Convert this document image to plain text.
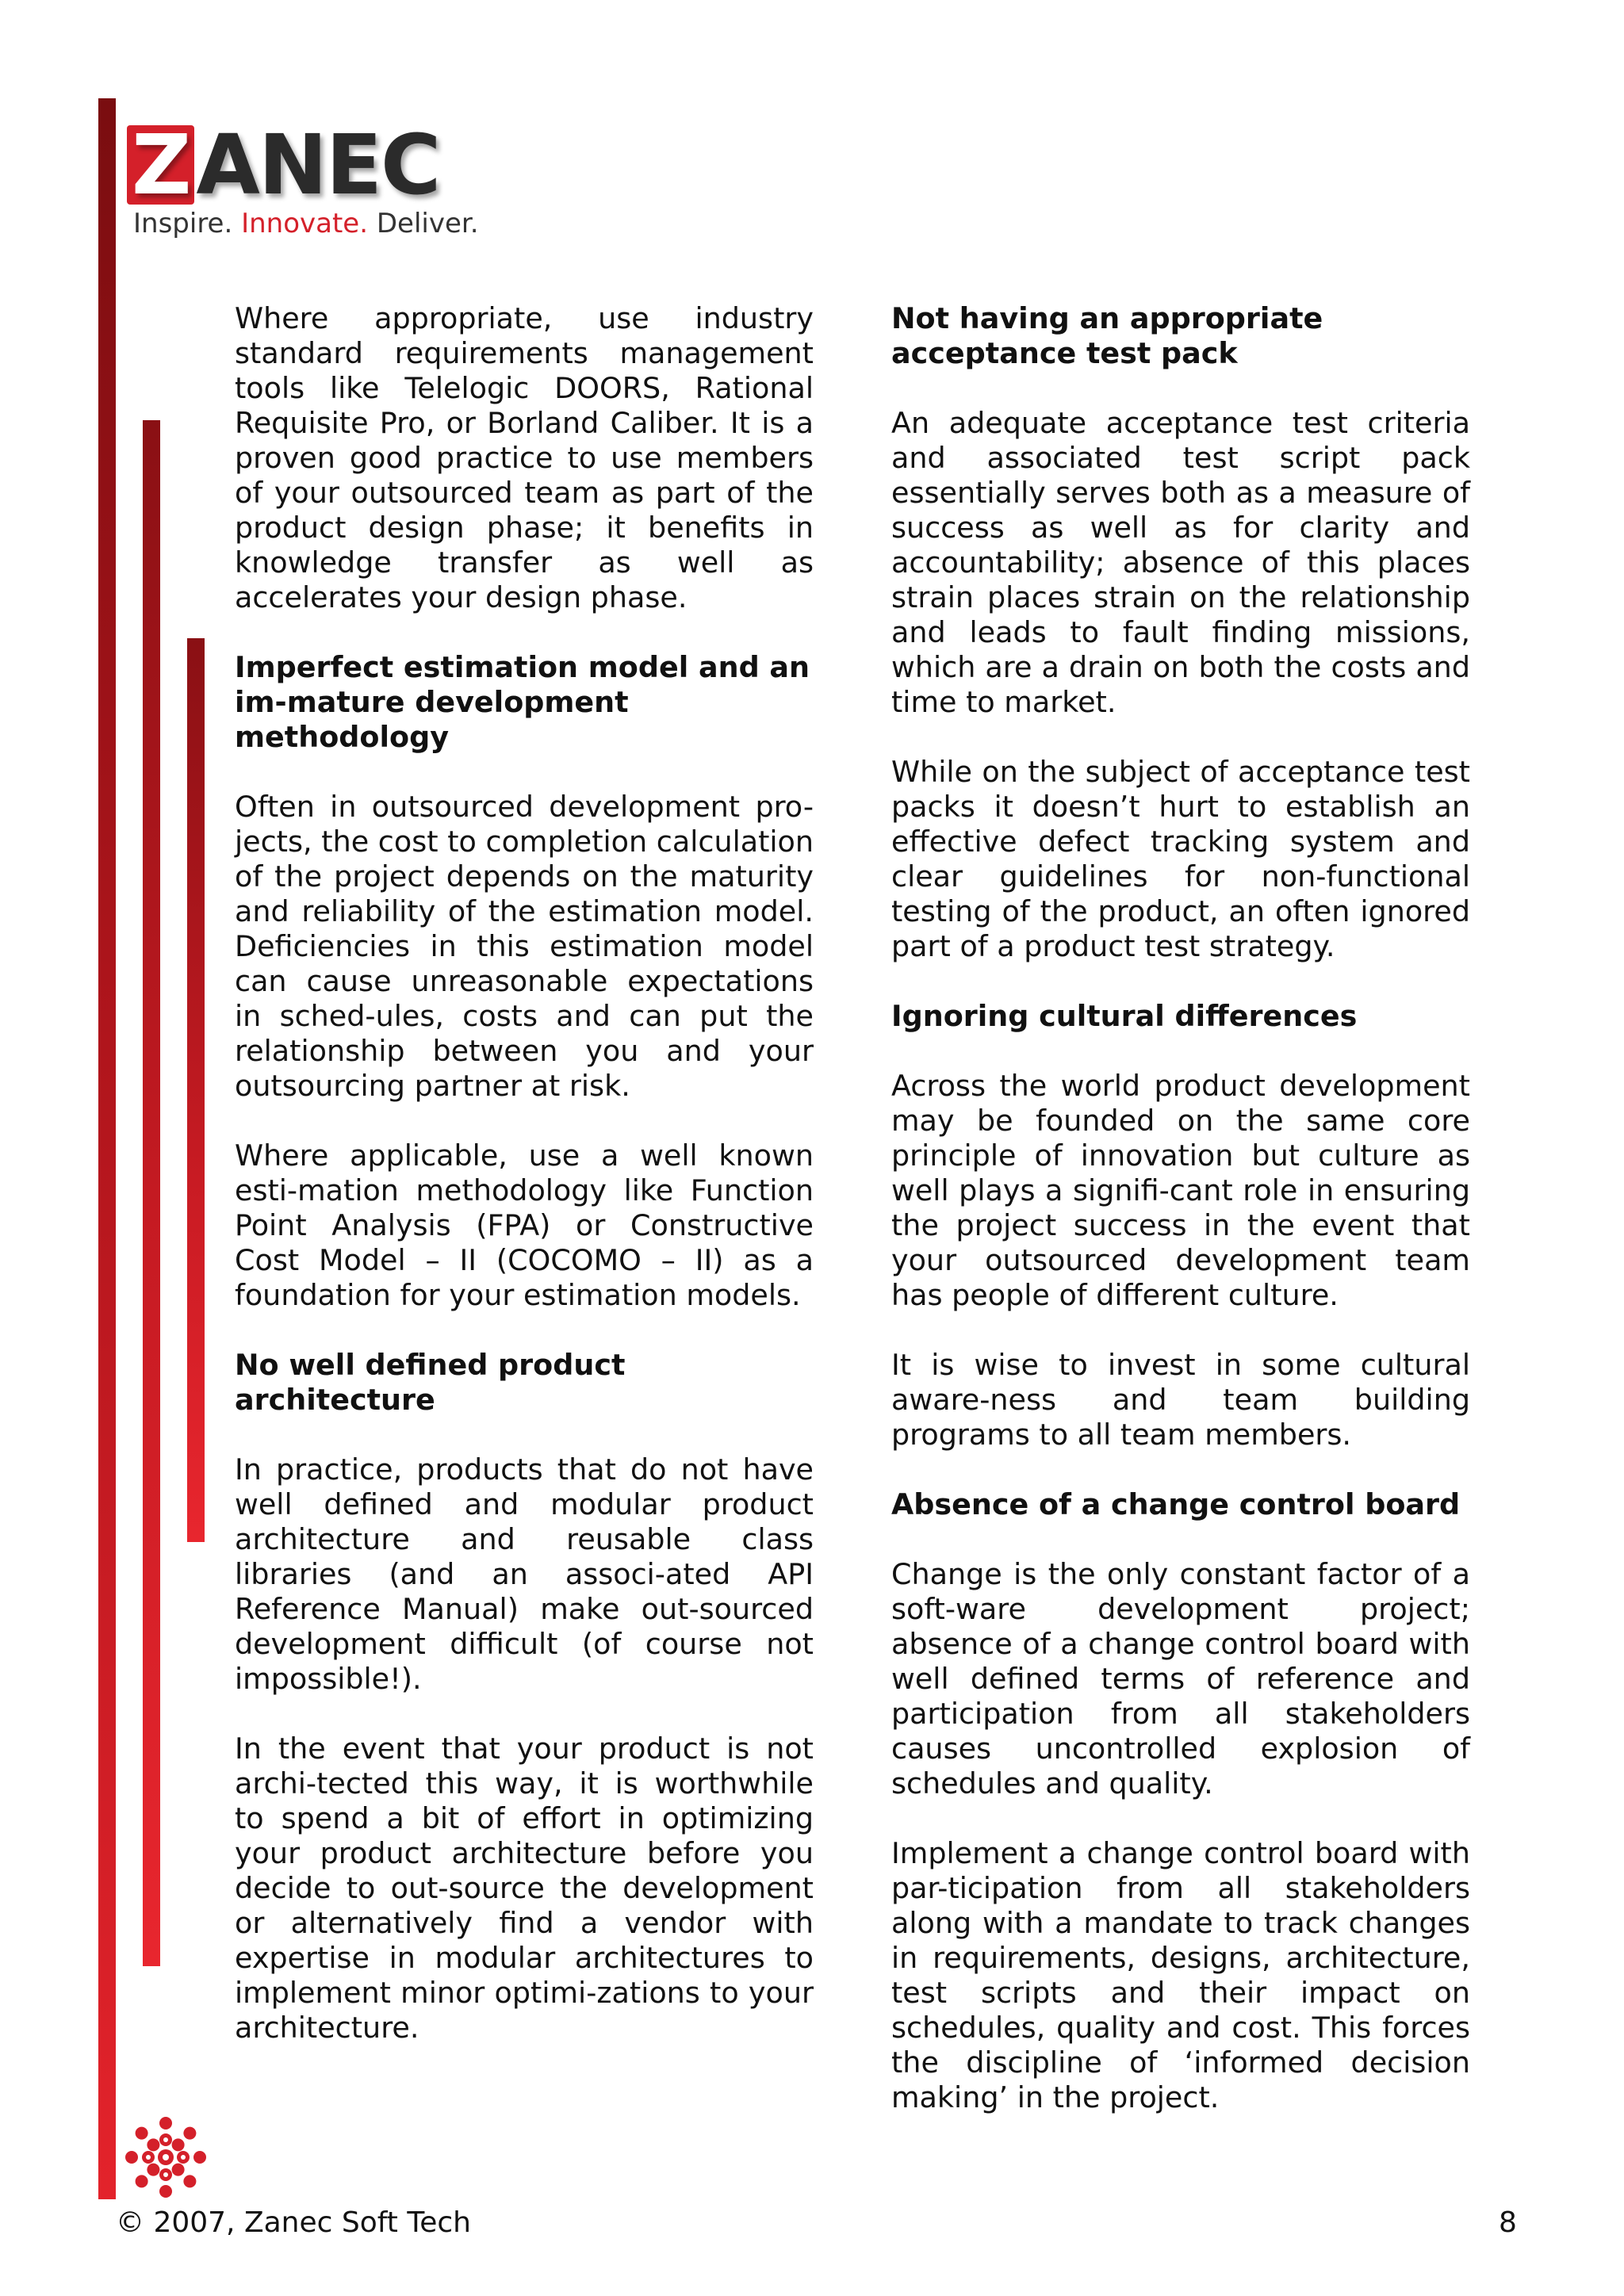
ZANEC
Inspire. Innovate. Deliver.

Where appropriate, use industry standard requirements management tools like Telelogic DOORS, Rational Requisite Pro, or Borland Caliber. It is a proven good practice to use members of your outsourced team as part of the product design phase; it benefits in knowledge transfer as well as accelerates your design phase.

Imperfect estimation model and an im-mature development methodology

Often in outsourced development pro-jects, the cost to completion calculation of the project depends on the maturity and reliability of the estimation model. Deficiencies in this estimation model can cause unreasonable expectations in sched-ules, costs and can put the relationship between you and your outsourcing partner at risk.

Where applicable, use a well known esti-mation methodology like Function Point Analysis (FPA) or Constructive Cost Model – II (COCOMO – II) as a foundation for your estimation models.

No well defined product architecture

In practice, products that do not have well defined and modular product architecture and reusable class libraries (and an associ-ated API Reference Manual) make out-sourced development difficult (of course not impossible!).

In the event that your product is not archi-tected this way, it is worthwhile to spend a bit of effort in optimizing your product architecture before you decide to out-source the development or alternatively find a vendor with expertise in modular architectures to implement minor optimi-zations to your architecture.

Not having an appropriate acceptance test pack

An adequate acceptance test criteria and associated test script pack essentially serves both as a measure of success as well as for clarity and accountability; absence of this places strain places strain on the relationship and leads to fault finding missions, which are a drain on both the costs and time to market.

While on the subject of acceptance test packs it doesn’t hurt to establish an effective defect tracking system and clear guidelines for non-functional testing of the product, an often ignored part of a product test strategy.

Ignoring cultural differences

Across the world product development may be founded on the same core principle of innovation but culture as well plays a signifi-cant role in ensuring the project success in the event that your outsourced development team has people of different culture.

It is wise to invest in some cultural aware-ness and team building programs to all team members.

Absence of a change control board

Change is the only constant factor of a soft-ware development project; absence of a change control board with well defined terms of reference and participation from all stakeholders causes uncontrolled explosion of schedules and quality.

Implement a change control board with par-ticipation from all stakeholders along with a mandate to track changes in requirements, designs, architecture, test scripts and their impact on schedules, quality and cost. This forces the discipline of ‘informed decision making’ in the project.

© 2007, Zanec Soft Tech	8
